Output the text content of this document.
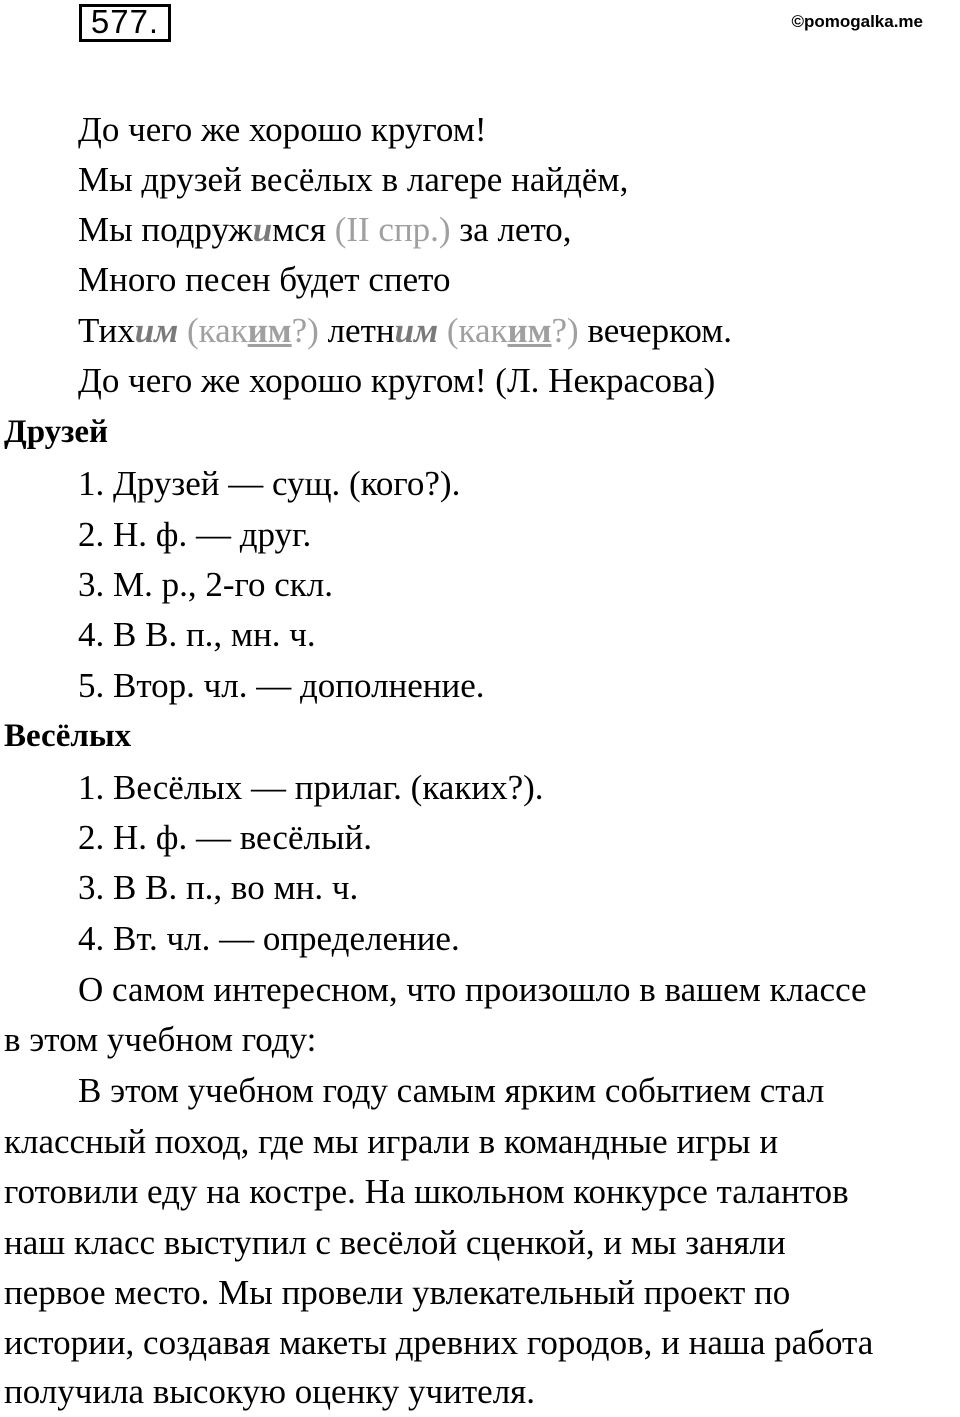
577.	©pomogalka.me
До чего же хорошо кругом!
Мы друзей весёлых в лагере найдём,
Мы подружимся (II спр.) за лето,
Много песен будет спето
Тихим (каким?) летним (каким?) вечерком.
До чего же хорошо кругом! (Л. Некрасова)
Друзей
1. Друзей — сущ. (кого?).
2. Н. ф. — друг.
3. М. р., 2-го скл.
4. В В. п., мн. ч.
5. Втор. чл. — дополнение.
Весёлых
1. Весёлых — прилаг. (каких?).
2. Н. ф. — весёлый.
3. В В. п., во мн. ч.
4. Вт. чл. — определение.
О самом интересном, что произошло в вашем классе
в этом учебном году:
В этом учебном году самым ярким событием стал
классный поход, где мы играли в командные игры и
готовили еду на костре. На школьном конкурсе талантов
наш класс выступил с весёлой сценкой, и мы заняли
первое место. Мы провели увлекательный проект по
истории, создавая макеты древних городов, и наша работа
получила высокую оценку учителя.
